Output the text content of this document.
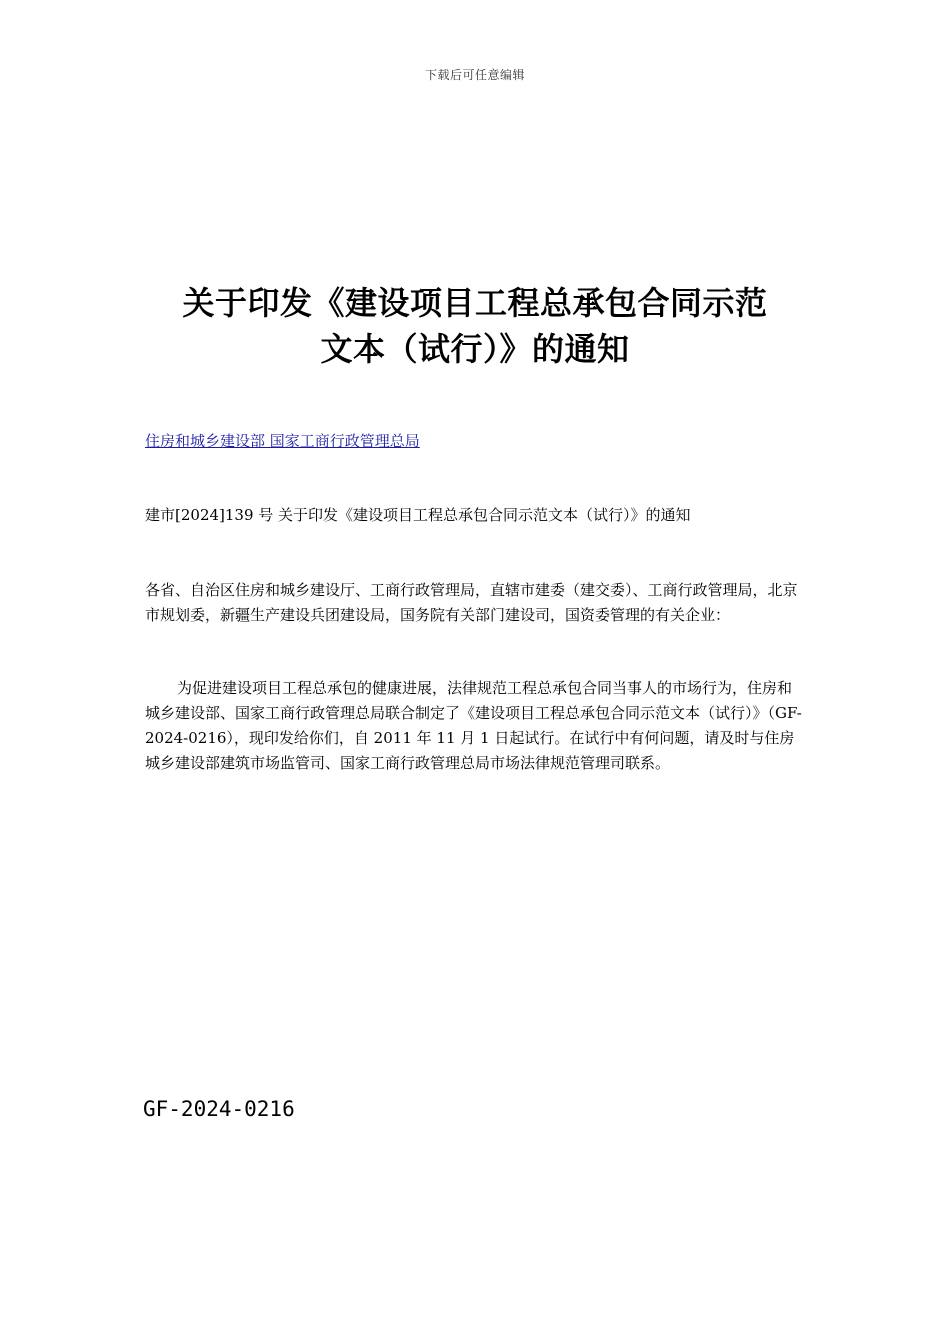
下载后可任意编辑
关于印发《建设项目工程总承包合同示范
文本（试行）》的通知
住房和城乡建设部 国家工商行政管理总局
建市[2024]139 号 关于印发《建设项目工程总承包合同示范文本（试行）》的通知
各省、自治区住房和城乡建设厅、工商行政管理局，直辖市建委（建交委）、工商行政管理局，北京市规划委，新疆生产建设兵团建设局，国务院有关部门建设司，国资委管理的有关企业：
为促进建设项目工程总承包的健康进展，法律规范工程总承包合同当事人的市场行为，住房和城乡建设部、国家工商行政管理总局联合制定了《建设项目工程总承包合同示范文本（试行）》（GF-2024-0216），现印发给你们，自 2011 年 11 月 1 日起试行。在试行中有何问题，请及时与住房城乡建设部建筑市场监管司、国家工商行政管理总局市场法律规范管理司联系。
GF-2024-0216
